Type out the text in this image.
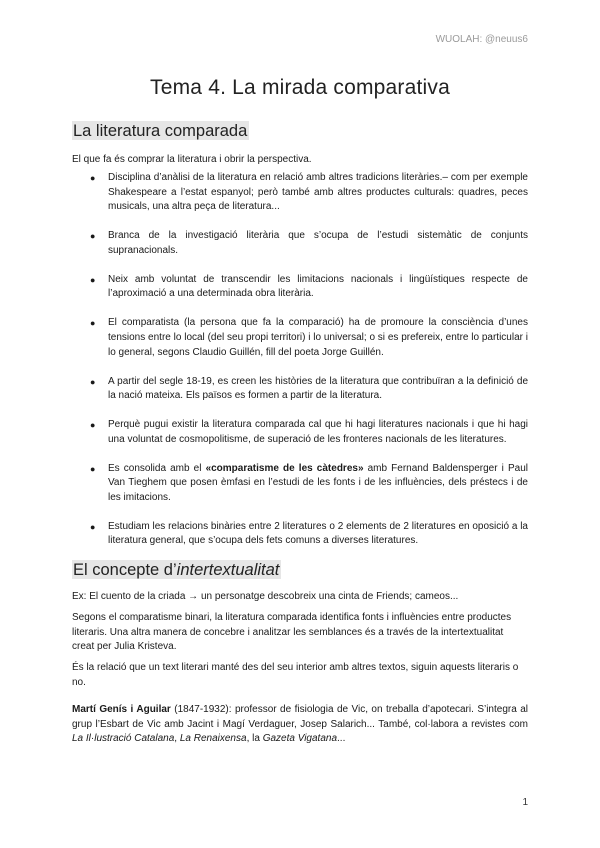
WUOLAH: @neuus6
Tema 4. La mirada comparativa
La literatura comparada

El que fa és comprar la literatura i obrir la perspectiva.

● Disciplina d’anàlisi de la literatura en relació amb altres tradicions literàries.– com per exemple Shakespeare a l’estat espanyol; però també amb altres productes culturals: quadres, peces musicals, una altra peça de literatura...
● Branca de la investigació literària que s’ocupa de l’estudi sistemàtic de conjunts supranacionals.
● Neix amb voluntat de transcendir les limitacions nacionals i lingüístiques respecte de l’aproximació a una determinada obra literària.
● El comparatista (la persona que fa la comparació) ha de promoure la consciència d’unes tensions entre lo local (del seu propi territori) i lo universal; o si es prefereix, entre lo particular i lo general, segons Claudio Guillén, fill del poeta Jorge Guillén.
● A partir del segle 18-19, es creen les històries de la literatura que contribuïran a la definició de la nació mateixa. Els països es formen a partir de la literatura.
● Perquè pugui existir la literatura comparada cal que hi hagi literatures nacionals i que hi hagi una voluntat de cosmopolitisme, de superació de les fronteres nacionals de les literatures.
● Es consolida amb el «comparatisme de les càtedres» amb Fernand Baldensperger i Paul Van Tieghem que posen èmfasi en l’estudi de les fonts i de les influències, dels préstecs i de les imitacions.
● Estudiam les relacions binàries entre 2 literatures o 2 elements de 2 literatures en oposició a la literatura general, que s’ocupa dels fets comuns a diverses literatures.
El concepte d’intertextualitat

Ex: El cuento de la criada → un personatge descobreix una cinta de Friends; cameos...

Segons el comparatisme binari, la literatura comparada identifica fonts i influències entre productes literaris. Una altra manera de concebre i analitzar les semblances és a través de la intertextualitat creat per Julia Kristeva.

És la relació que un text literari manté des del seu interior amb altres textos, siguin aquests literaris o no.

Martí Genís i Aguilar (1847-1932): professor de fisiologia de Vic, on treballa d’apotecari. S’integra al grup l’Esbart de Vic amb Jacint i Magí Verdaguer, Josep Salarich... També, col·labora a revistes com La Il·lustració Catalana, La Renaixensa, la Gazeta Vigatana...

1
